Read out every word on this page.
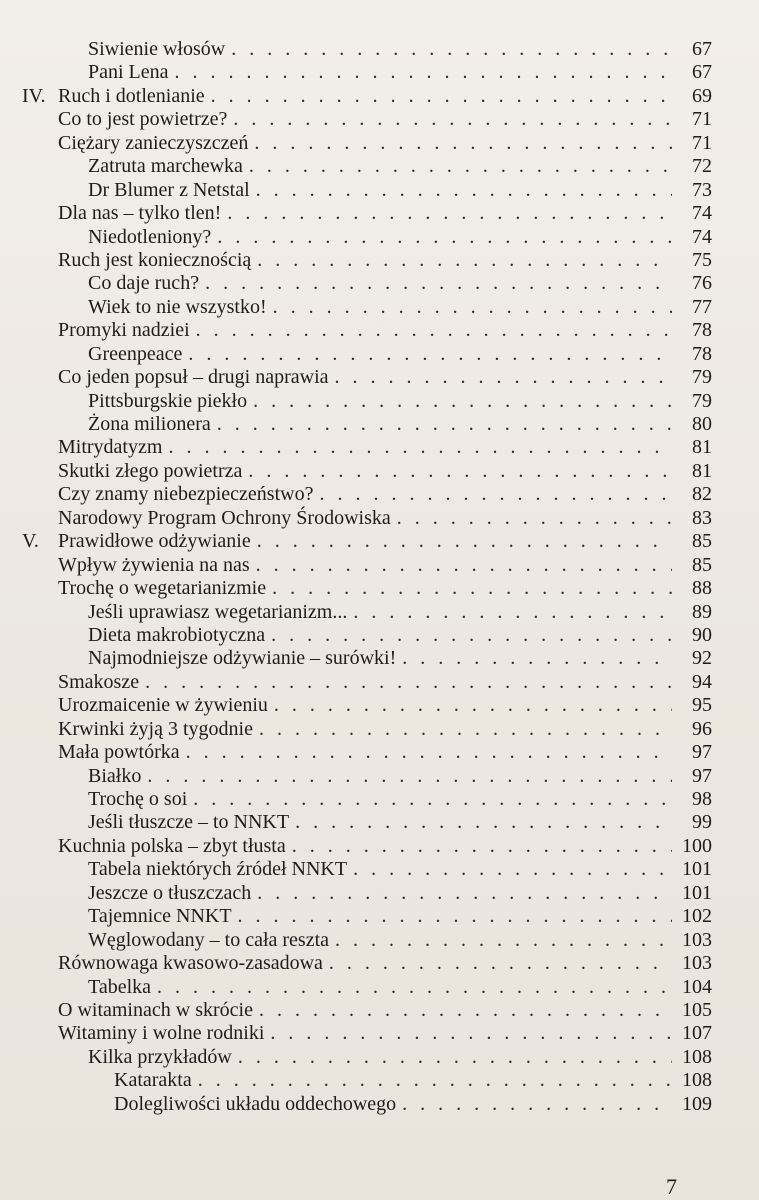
Siwienie włosów . . .	67
Pani Lena . . .	67
IV. Ruch i dotlenianie . . .	69
Co to jest powietrze? . . .	71
Ciężary zanieczyszczeń . . .	71
Zatruta marchewka . . .	72
Dr Blumer z Netstal . . .	73
Dla nas – tylko tlen! . . .	74
Niedotleniony? . . .	74
Ruch jest koniecznością . . .	75
Co daje ruch? . . .	76
Wiek to nie wszystko! . . .	77
Promyki nadziei . . .	78
Greenpeace . . .	78
Co jeden popsuł – drugi naprawia . . .	79
Pittsburgskie piekło . . .	79
Żona milionera . . .	80
Mitrydatyzm . . .	81
Skutki złego powietrza . . .	81
Czy znamy niebezpieczeństwo? . . .	82
Narodowy Program Ochrony Środowiska . . .	83
V. Prawidłowe odżywianie . . .	85
Wpływ żywienia na nas . . .	85
Trochę o wegetarianizmie . . .	88
Jeśli uprawiasz wegetarianizm... . . .	89
Dieta makrobiotyczna . . .	90
Najmodniejsze odżywianie – surówki! . . .	92
Smakosze . . .	94
Urozmaicenie w żywieniu . . .	95
Krwinki żyją 3 tygodnie . . .	96
Mała powtórka . . .	97
Białko . . .	97
Trochę o soi . . .	98
Jeśli tłuszcze – to NNKT . . .	99
Kuchnia polska – zbyt tłusta . . .	100
Tabela niektórych źródeł NNKT . . .	101
Jeszcze o tłuszczach . . .	101
Tajemnice NNKT . . .	102
Węglowodany – to cała reszta . . .	103
Równowaga kwasowo-zasadowa . . .	103
Tabelka . . .	104
O witaminach w skrócie . . .	105
Witaminy i wolne rodniki . . .	107
Kilka przykładów . . .	108
Katarakta . . .	108
Dolegliwości układu oddechowego . . .	109
7
